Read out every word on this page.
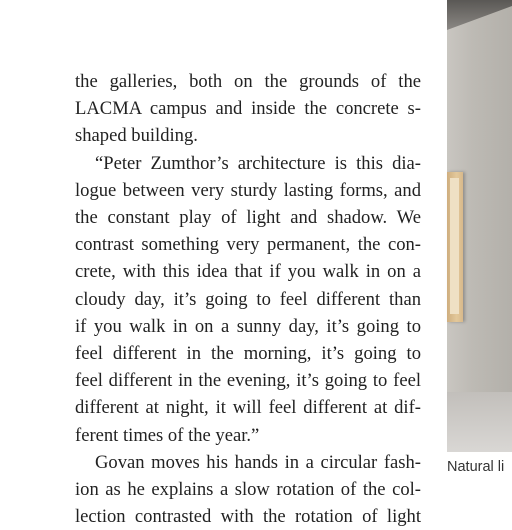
the galleries, both on the grounds of the
LACMA campus and inside the concrete s-
shaped building.
“Peter Zumthor’s architecture is this dia-
logue between very sturdy lasting forms, and
the constant play of light and shadow. We
contrast something very permanent, the con-
crete, with this idea that if you walk in on a
cloudy day, it’s going to feel different than
if you walk in on a sunny day, it’s going to
feel different in the morning, it’s going to
feel different in the evening, it’s going to feel
different at night, it will feel different at dif-
ferent times of the year.”
Govan moves his hands in a circular fash-
ion as he explains a slow rotation of the col-
lection contrasted with the rotation of light
Natural li
